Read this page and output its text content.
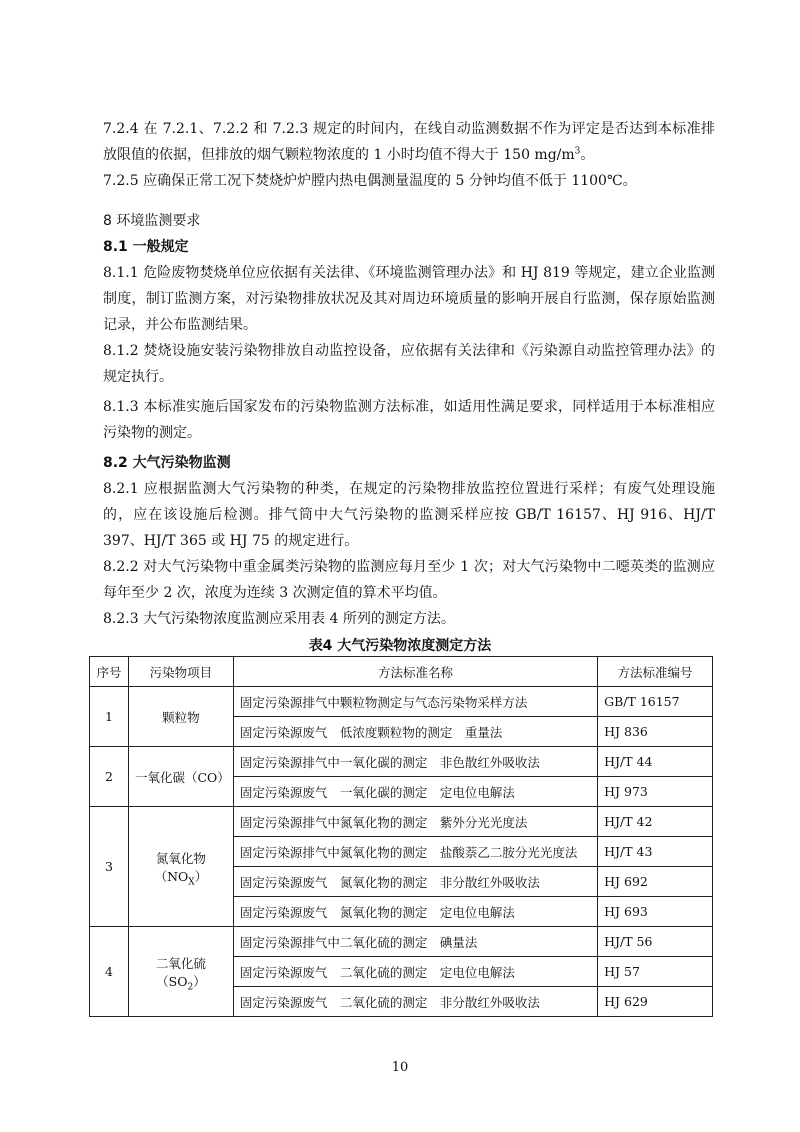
7.2.4 在 7.2.1、7.2.2 和 7.2.3 规定的时间内，在线自动监测数据不作为评定是否达到本标准排放限值的依据，但排放的烟气颗粒物浓度的 1 小时均值不得大于 150 $mg/m^3$。

7.2.5 应确保正常工况下焚烧炉炉膛内热电偶测量温度的 5 分钟均值不低于 1100℃。

8 环境监测要求

8.1 一般规定

8.1.1 危险废物焚烧单位应依据有关法律、《环境监测管理办法》和 HJ 819 等规定，建立企业监测制度，制订监测方案，对污染物排放状况及其对周边环境质量的影响开展自行监测，保存原始监测记录，并公布监测结果。

8.1.2 焚烧设施安装污染物排放自动监控设备，应依据有关法律和《污染源自动监控管理办法》的规定执行。

8.1.3 本标准实施后国家发布的污染物监测方法标准，如适用性满足要求，同样适用于本标准相应污染物的测定。

8.2 大气污染物监测

8.2.1 应根据监测大气污染物的种类，在规定的污染物排放监控位置进行采样；有废气处理设施的，应在该设施后检测。排气筒中大气污染物的监测采样应按 GB/T 16157、HJ 916、HJ/T 397、HJ/T 365 或 HJ 75 的规定进行。

8.2.2 对大气污染物中重金属类污染物的监测应每月至少 1 次；对大气污染物中二噁英类的监测应每年至少 2 次，浓度为连续 3 次测定值的算术平均值。

8.2.3 大气污染物浓度监测应采用表 4 所列的测定方法。

表4 大气污染物浓度测定方法
序号	污染物项目	方法标准名称	方法标准编号
1	颗粒物	固定污染源排气中颗粒物测定与气态污染物采样方法	GB/T 16157
		固定污染源废气　低浓度颗粒物的测定　重量法	HJ 836
2	一氧化碳（CO）	固定污染源排气中一氧化碳的测定　非色散红外吸收法	HJ/T 44
		固定污染源废气　一氧化碳的测定　定电位电解法	HJ 973
3	氮氧化物$(NO_X)$	固定污染源排气中氮氧化物的测定　紫外分光光度法	HJ/T 42
		固定污染源排气中氮氧化物的测定　盐酸萘乙二胺分光光度法	HJ/T 43
		固定污染源废气　氮氧化物的测定　非分散红外吸收法	HJ 692
		固定污染源废气　氮氧化物的测定　定电位电解法	HJ 693
4	二氧化硫$(SO_2)$	固定污染源排气中二氧化硫的测定　碘量法	HJ/T 56
		固定污染源废气　二氧化硫的测定　定电位电解法	HJ 57
		固定污染源废气　二氧化硫的测定　非分散红外吸收法	HJ 629
10
